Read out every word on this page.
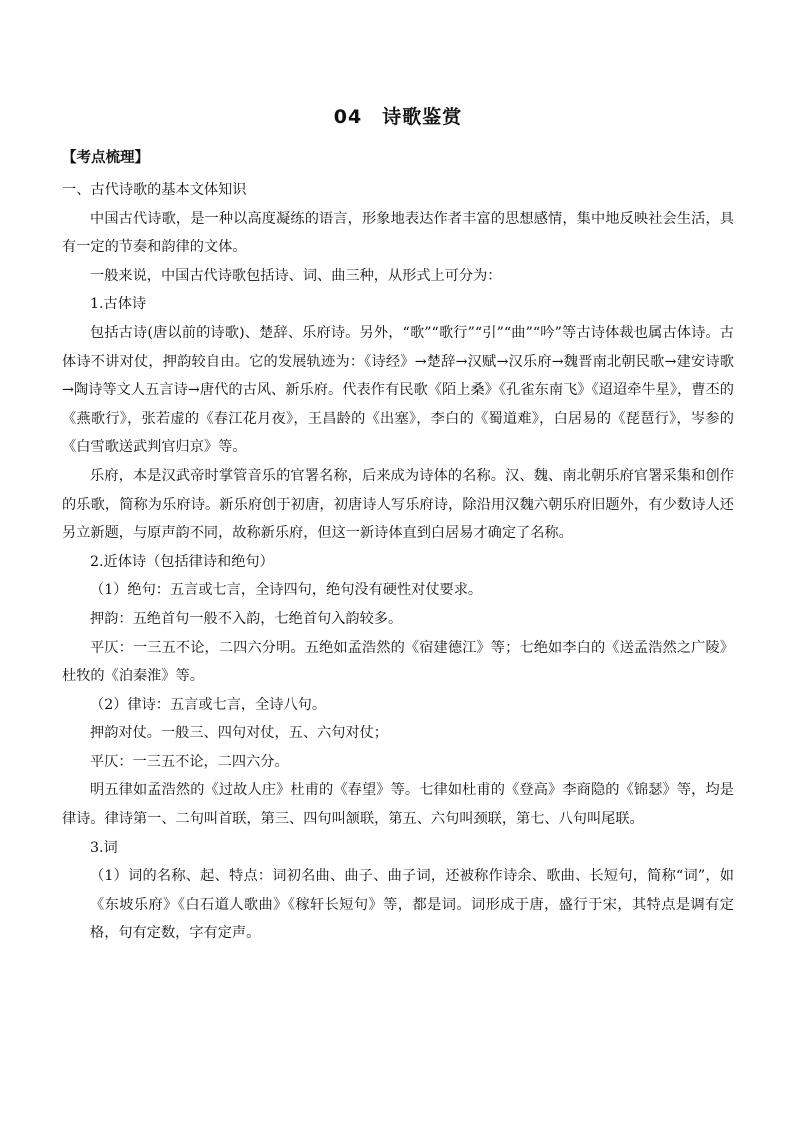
04　诗歌鉴赏
【考点梳理】

一、古代诗歌的基本文体知识

中国古代诗歌，是一种以高度凝练的语言，形象地表达作者丰富的思想感情，集中地反映社会生活，具有一定的节奏和韵律的文体。

一般来说，中国古代诗歌包括诗、词、曲三种，从形式上可分为：

1.古体诗

包括古诗(唐以前的诗歌)、楚辞、乐府诗。另外，“歌”“歌行”“引”“曲”“吟”等古诗体裁也属古体诗。古体诗不讲对仗，押韵较自由。它的发展轨迹为：《诗经》→楚辞→汉赋→汉乐府→魏晋南北朝民歌→建安诗歌→陶诗等文人五言诗→唐代的古风、新乐府。代表作有民歌《陌上桑》《孔雀东南飞》《迢迢牵牛星》，曹丕的《燕歌行》，张若虚的《春江花月夜》，王昌龄的《出塞》，李白的《蜀道难》，白居易的《琵琶行》，岑参的《白雪歌送武判官归京》等。

乐府，本是汉武帝时掌管音乐的官署名称，后来成为诗体的名称。汉、魏、南北朝乐府官署采集和创作的乐歌，简称为乐府诗。新乐府创于初唐，初唐诗人写乐府诗，除沿用汉魏六朝乐府旧题外，有少数诗人还另立新题，与原声韵不同，故称新乐府，但这一新诗体直到白居易才确定了名称。

2.近体诗（包括律诗和绝句）

（1）绝句：五言或七言，全诗四句，绝句没有硬性对仗要求。

押韵：五绝首句一般不入韵，七绝首句入韵较多。

平仄：一三五不论，二四六分明。五绝如孟浩然的《宿建德江》等；七绝如李白的《送孟浩然之广陵》杜牧的《泊秦淮》等。

（2）律诗：五言或七言，全诗八句。

押韵对仗。一般三、四句对仗，五、六句对仗；

平仄：一三五不论，二四六分。

明五律如孟浩然的《过故人庄》杜甫的《春望》等。七律如杜甫的《登高》李商隐的《锦瑟》等，均是律诗。律诗第一、二句叫首联，第三、四句叫颔联，第五、六句叫颈联，第七、八句叫尾联。

3.词

（1）词的名称、起、特点：词初名曲、曲子、曲子词，还被称作诗余、歌曲、长短句，简称“词”，如《东坡乐府》《白石道人歌曲》《稼轩长短句》等，都是词。词形成于唐，盛行于宋，其特点是调有定格，句有定数，字有定声。
